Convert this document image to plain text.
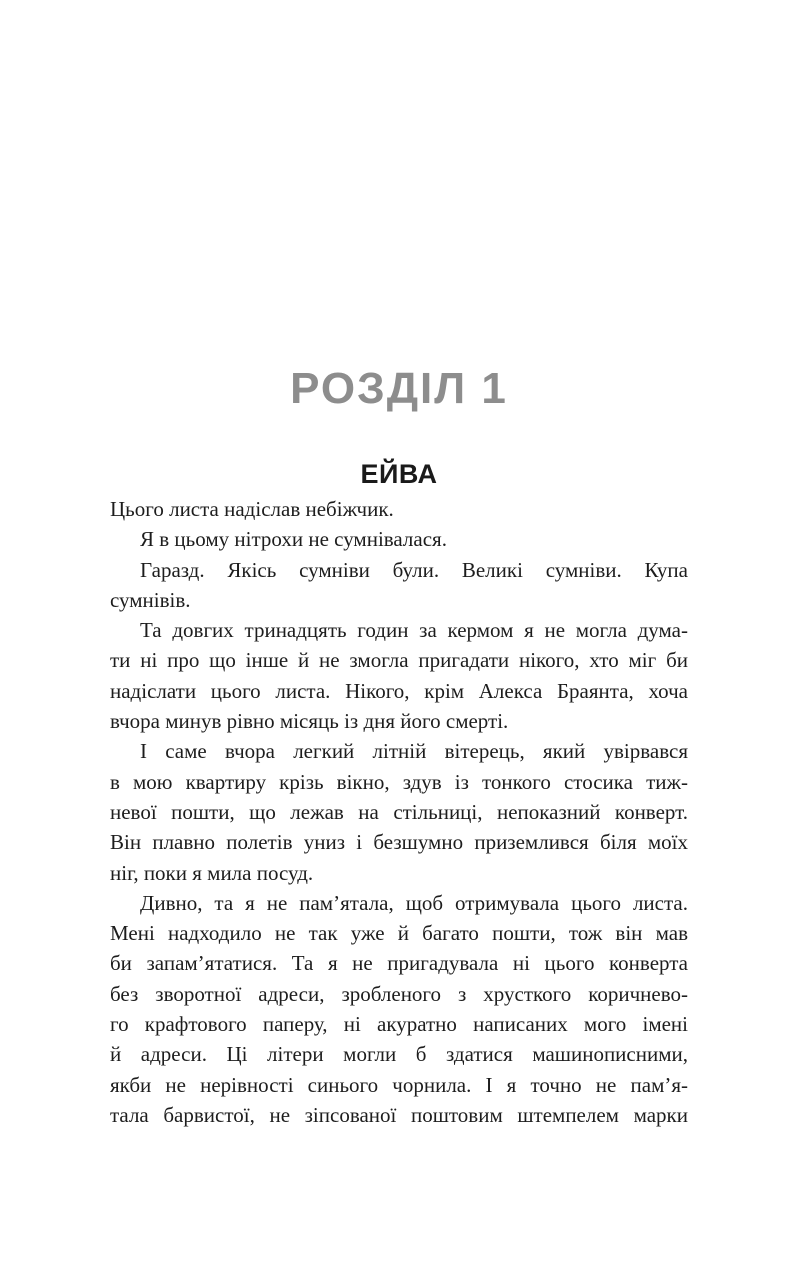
РОЗДІЛ 1
ЕЙВА
Цього листа надіслав небіжчик.
Я в цьому нітрохи не сумнівалася.
Гаразд. Якісь сумніви були. Великі сумніви. Купа
сумнівів.
Та довгих тринадцять годин за кермом я не могла дума-
ти ні про що інше й не змогла пригадати нікого, хто міг би
надіслати цього листа. Нікого, крім Алекса Браянта, хоча
вчора минув рівно місяць із дня його смерті.
І саме вчора легкий літній вітерець, який увірвався
в мою квартиру крізь вікно, здув із тонкого стосика тиж-
невої пошти, що лежав на стільниці, непоказний конверт.
Він плавно полетів униз і безшумно приземлився біля моїх
ніг, поки я мила посуд.
Дивно, та я не пам’ятала, щоб отримувала цього листа.
Мені надходило не так уже й багато пошти, тож він мав
би запам’ятатися. Та я не пригадувала ні цього конверта
без зворотної адреси, зробленого з хрусткого коричнево-
го крафтового паперу, ні акуратно написаних мого імені
й адреси. Ці літери могли б здатися машинописними,
якби не нерівності синього чорнила. І я точно не пам’я-
тала барвистої, не зіпсованої поштовим штемпелем марки
